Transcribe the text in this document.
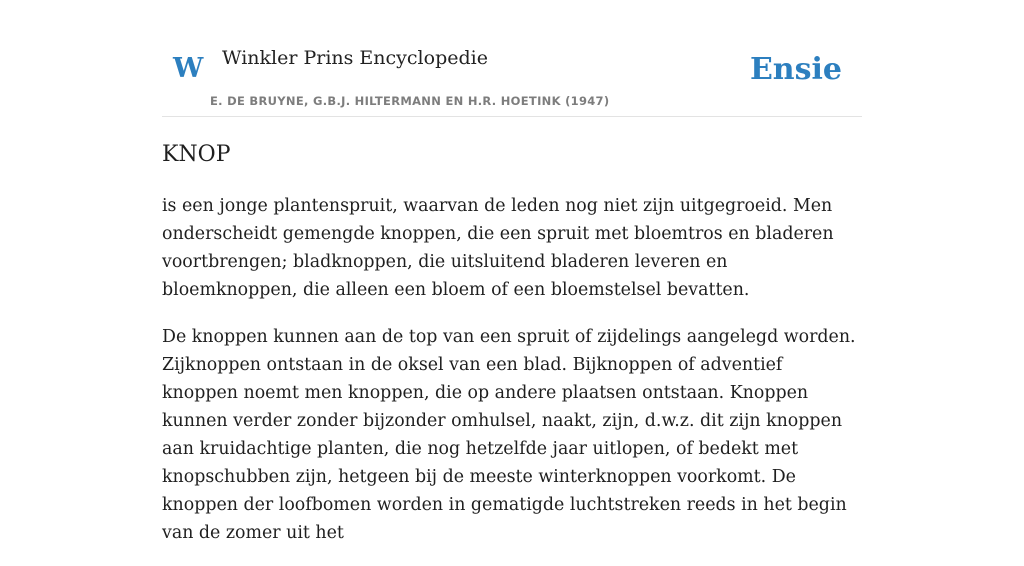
W Winkler Prins Encyclopedie
E. DE BRUYNE, G.B.J. HILTERMANN EN H.R. HOETINK (1947)
Ensie
KNOP

is een jonge plantenspruit, waarvan de leden nog niet zijn uitgegroeid. Men onderscheidt gemengde knoppen, die een spruit met bloemtros en bladeren voortbrengen; bladknoppen, die uitsluitend bladeren leveren en bloemknoppen, die alleen een bloem of een bloemstelsel bevatten.

De knoppen kunnen aan de top van een spruit of zijdelings aangelegd worden. Zijknoppen ontstaan in de oksel van een blad. Bijknoppen of adventief knoppen noemt men knoppen, die op andere plaatsen ontstaan. Knoppen kunnen verder zonder bijzonder omhulsel, naakt, zijn, d.w.z. dit zijn knoppen aan kruidachtige planten, die nog hetzelfde jaar uitlopen, of bedekt met knopschubben zijn, hetgeen bij de meeste winterknoppen voorkomt. De knoppen der loofbomen worden in gematigde luchtstreken reeds in het begin van de zomer uit het
